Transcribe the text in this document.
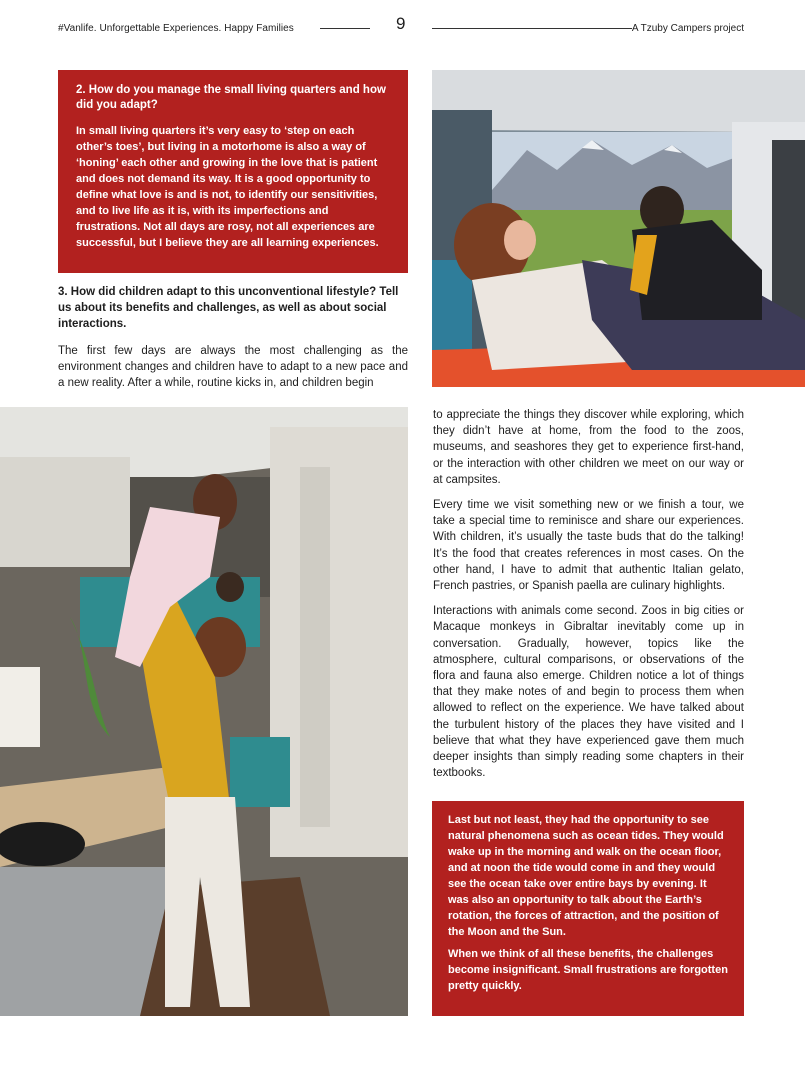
#Vanlife. Unforgettable Experiences. Happy Families	9	A Tzuby Campers project
2. How do you manage the small living quarters and how did you adapt?

In small living quarters it’s very easy to ‘step on each other’s toes’, but living in a motorhome is also a way of ‘honing’ each other and growing in the love that is patient and does not demand its way. It is a good opportunity to define what love is and is not, to identify our sensitivities, and to live life as it is, with its imperfections and frustrations. Not all days are rosy, not all experiences are successful, but I believe they are all learning experiences.

3. How did children adapt to this unconventional lifestyle? Tell us about its benefits and challenges, as well as about social interactions.

The first few days are always the most challenging as the environment changes and children have to adapt to a new pace and a new reality. After a while, routine kicks in, and children begin

to appreciate the things they discover while exploring, which they didn’t have at home, from the food to the zoos, museums, and seashores they get to experience first-hand, or the interaction with other children we meet on our way or at campsites.

Every time we visit something new or we finish a tour, we take a special time to reminisce and share our experiences. With children, it’s usually the taste buds that do the talking! It’s the food that creates references in most cases. On the other hand, I have to admit that authentic Italian gelato, French pastries, or Spanish paella are culinary highlights.

Interactions with animals come second. Zoos in big cities or Macaque monkeys in Gibraltar inevitably come up in conversation. Gradually, however, topics like the atmosphere, cultural comparisons, or observations of the flora and fauna also emerge. Children notice a lot of things that they make notes of and begin to process them when allowed to reflect on the experience. We have talked about the turbulent history of the places they have visited and I believe that what they have experienced gave them much deeper insights than simply reading some chapters in their textbooks.

Last but not least, they had the opportunity to see natural phenomena such as ocean tides. They would wake up in the morning and walk on the ocean floor, and at noon the tide would come in and they would see the ocean take over entire bays by evening. It was also an opportunity to talk about the Earth’s rotation, the forces of attraction, and the position of the Moon and the Sun.

When we think of all these benefits, the challenges become insignificant. Small frustrations are forgotten pretty quickly.
